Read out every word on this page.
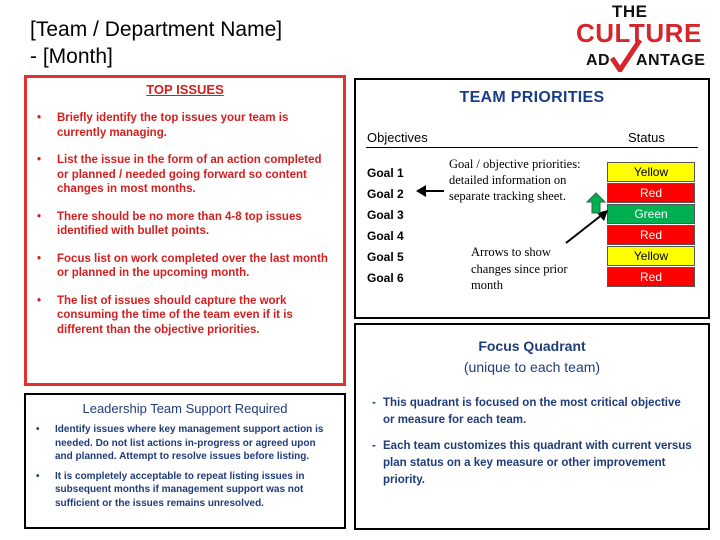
[Team / Department Name]
- [Month]
THE
CULTURE
AD ANTAGE
TOP ISSUES
• Briefly identify the top issues your team is currently managing.
• List the issue in the form of an action completed or planned / needed going forward so content changes in most months.
• There should be no more than 4-8 top issues identified with bullet points.
• Focus list on work completed over the last month or planned in the upcoming month.
• The list of issues should capture the work consuming the time of the team even if it is different than the objective priorities.
Leadership Team Support Required
• Identify issues where key management support action is needed. Do not list actions in-progress or agreed upon and planned. Attempt to resolve issues before listing.
• It is completely acceptable to repeat listing issues in subsequent months if management support was not sufficient or the issues remains unresolved.
TEAM PRIORITIES
Objectives	Status
Goal 1
Goal 2
Goal 3
Goal 4
Goal 5
Goal 6
Yellow
Red
Green
Red
Yellow
Red
Goal / objective priorities: detailed information on separate tracking sheet.
Arrows to show changes since prior month
Focus Quadrant
(unique to each team)
- This quadrant is focused on the most critical objective or measure for each team.
- Each team customizes this quadrant with current versus plan status on a key measure or other improvement priority.
